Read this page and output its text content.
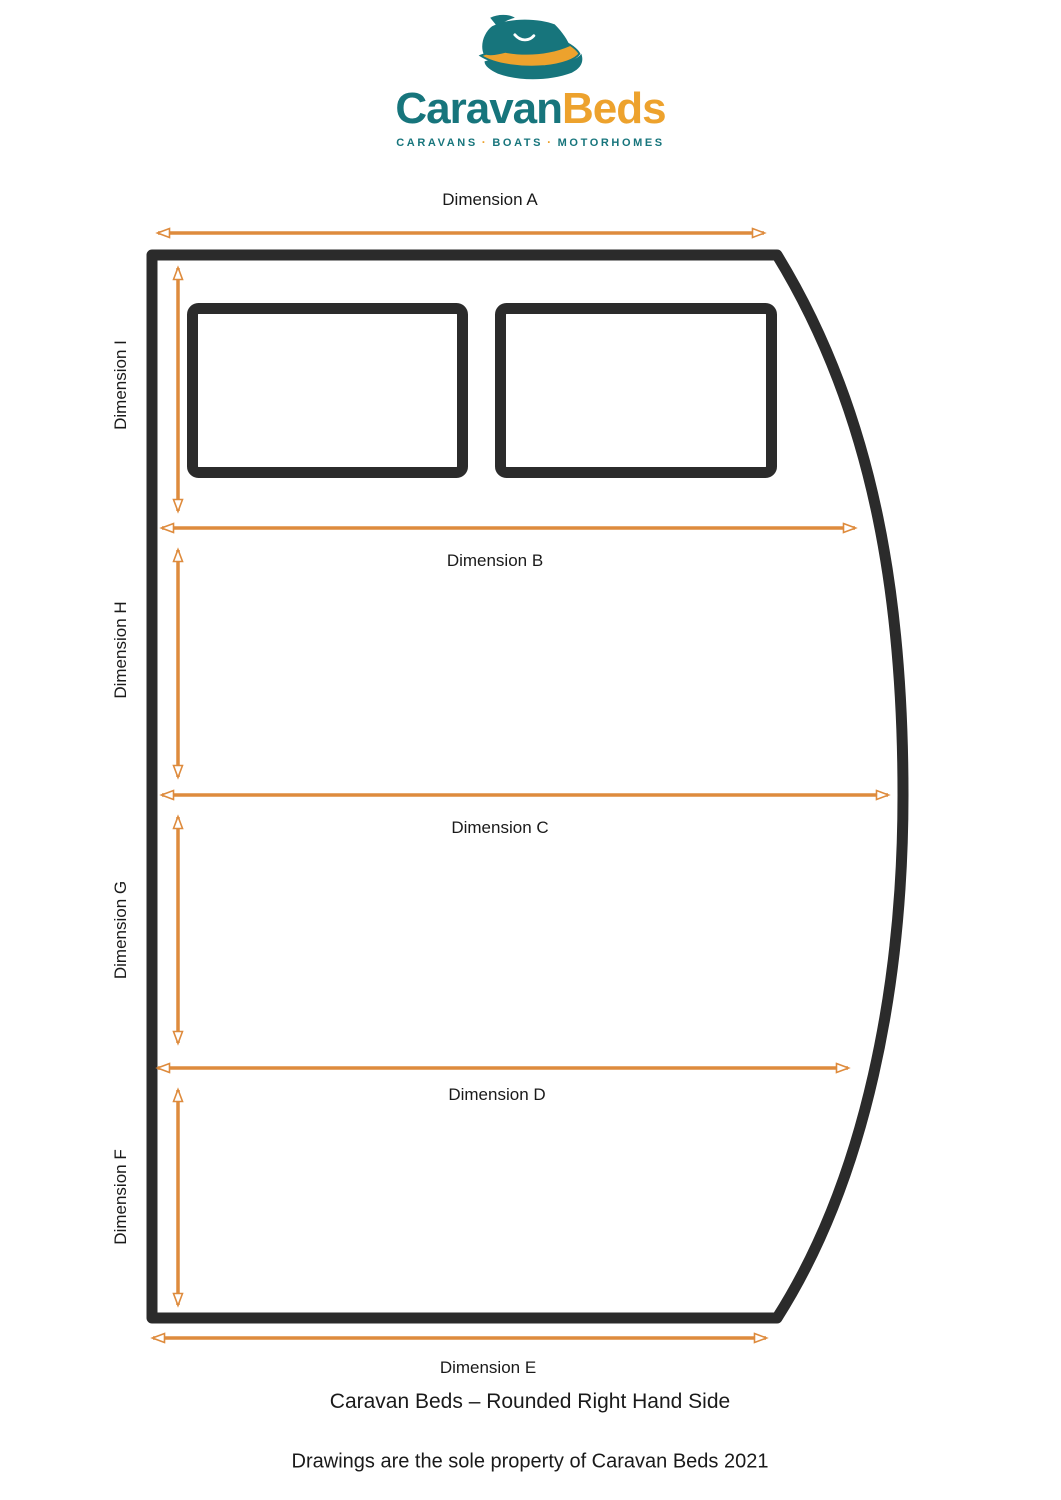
CaravanBeds
CARAVANS · BOATS · MOTORHOMES
Dimension A
Dimension B
Dimension C
Dimension D
Dimension E
Dimension I
Dimension H
Dimension G
Dimension F
Caravan Beds – Rounded Right Hand Side
Drawings are the sole property of Caravan Beds 2021
